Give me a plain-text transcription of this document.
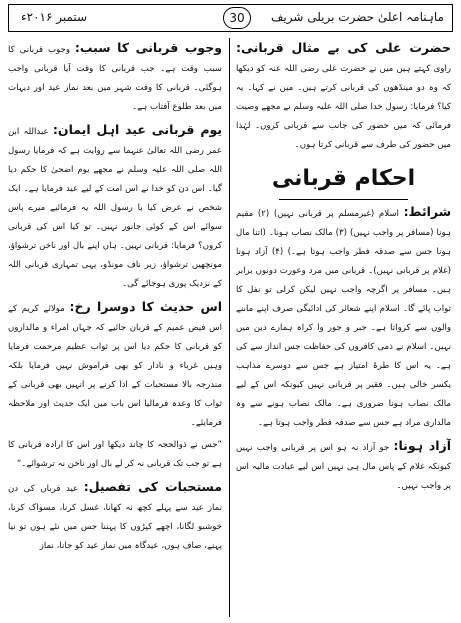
ماہنامہ اعلیٰ حضرت بریلی شریف
30
ستمبر ۲۰۱۶ء

حضرت علی کی بے مثال قربانی: راوی کہتے ہیں میں نے حضرت علی رضی اللہ عنہ کو دیکھا کہ وہ دو مینڈھوں کی قربانی کرتے ہیں۔ میں نے کہا۔ یہ کیا؟ فرمایا: رسول خدا صلی اللہ علیہ وسلم نے مجھے وصیت فرمائی کہ میں حضور کی جانب سے قربانی کروں۔ لہٰذا میں حضور کی طرف سے قربانی کرتا ہوں۔

احکام قربانی

شرائط: اسلام (غیرمسلم پر قربانی نہیں) (۲) مقیم ہونا (مسافر پر واجب نہیں) (۳) مالک نصاب ہونا۔ (اتنا مال ہونا جس سے صدقہ فطر واجب ہوتا ہے۔) (۴) آزاد ہونا (غلام پر قربانی نہیں)۔ قربانی میں مرد وعورت دونوں برابر ہیں۔ مسافر پر اگرچہ واجب نہیں لیکن کرلی تو نفل کا ثواب پائے گا۔ اسلام اپنے شعائر کی ادائیگی صرف اپنے ماننے والوں سے کرواتا ہے۔ جبر و جور وا کراہ ہمارے دین میں نہیں۔ اسلام نے ذمی کافروں کی حفاظت جس انداز سے کی ہے۔ یہ اس کا طرۂ امتیاز ہے جس سے دوسرے مذاہب یکسر خالی ہیں۔ فقیر پر قربانی نہیں کیونکہ اس کے لیے مالک نصاب ہونا ضروری ہے۔ مالک نصاب ہونے سے وہ مالداری مراد ہے جس سے صدقہ فطر واجب ہوتا ہے۔

آزاد ہونا: جو آزاد نہ ہو اس پر قربانی واجب نہیں کیونکہ غلام کے پاس مال ہی نہیں اس لیے عبادت مالیہ اس پر واجب نہیں۔

وجوب قربانی کا سبب: وجوب قربانی کا سبب وقت ہے۔ جب قربانی کا وقت آیا قربانی واجب ہوگئی۔ قربانی کا وقت شہر میں بعد نماز عید اور دیہات میں بعد طلوع آفتاب ہے۔

یوم قربانی عید اہل ایمان: عبداللہ ابن عمر رضی اللہ تعالیٰ عنہما سے روایت ہے کہ فرمایا رسول اللہ صلی اللہ علیہ وسلم نے مجھے یوم اضحیٰ کا حکم دیا گیا۔ اس دن کو خدا نے اس امت کے لیے عید فرمایا ہے۔ ایک شخص نے عرض کیا یا رسول اللہ یہ فرمائیے میرے پاس سوائے اس کے کوئی جانور نہیں۔ تو کیا اس کی قربانی کروں؟ فرمایا: قربانی نہیں۔ ہاں اپنے بال اور ناخن ترشواؤ، مونچھیں ترشواؤ، زیر ناف مونڈو، یہی تمہاری قربانی اللہ کے نزدیک پوری ہوجائے گی۔

اس حدیث کا دوسرا رخ: مولائے کریم کے اس فیض عمیم کے قربان جائیے کہ جہاں امراء و مالداروں کو قربانی کا حکم دیا اس پر ثواب عظیم مرحمت فرمایا وہیں غرباء و نادار کو بھی فراموش نہیں فرمایا بلکہ مندرجہ بالا مستحبات کے ادا کرنے پر انہیں بھی قربانی کے ثواب کا وعدہ فرمالیا اس باب میں ایک حدیث اور ملاحظہ فرمایئے۔

”جس نے ذوالحجہ کا چاند دیکھا اور اس کا ارادہ قربانی کا ہے تو جب تک قربانی نہ کر لے بال اور ناخن نہ ترشوائے۔“

مستحبات کی تفصیل: عید قرباں کی دن نماز عید سے پہلے کچھ نہ کھانا، غسل کرنا، مسواک کرنا، خوشبو لگانا، اچھے کپڑوں کا پہننا جس میں نئے ہوں تو نیا پہنے، صاف ہوں، عیدگاہ میں نماز عید کو جانا، نماز
